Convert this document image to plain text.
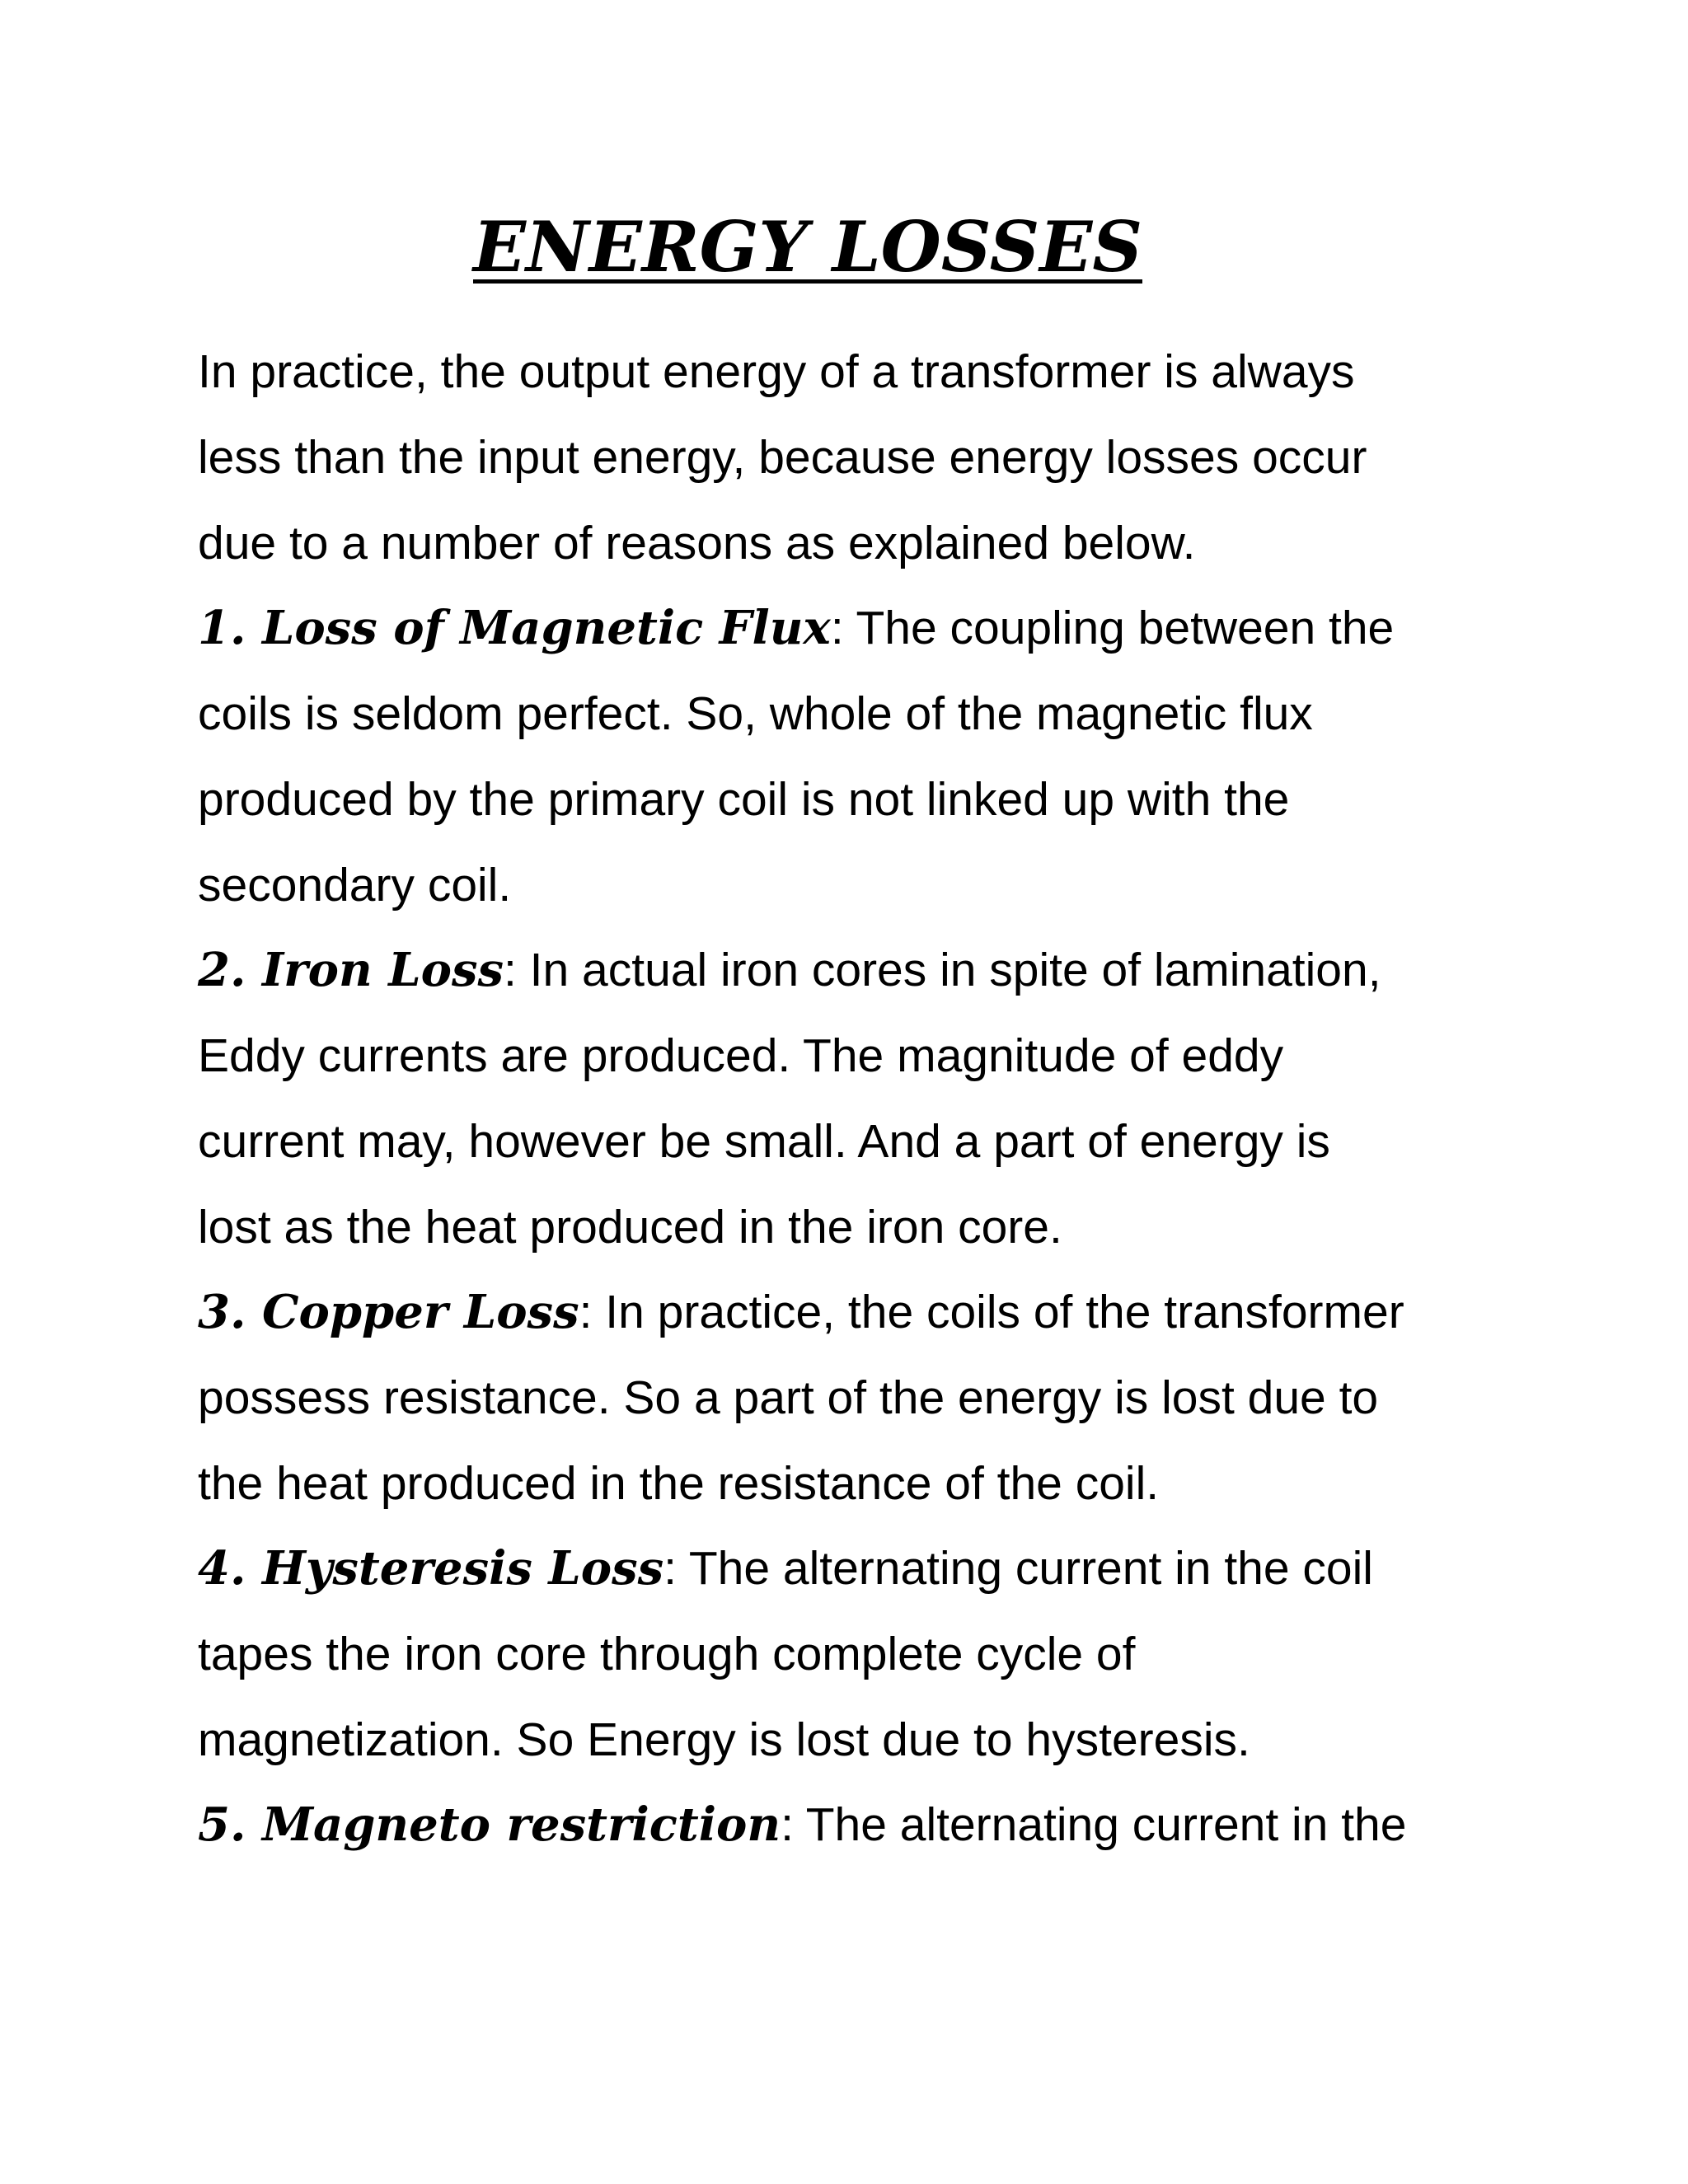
ENERGY LOSSES

In practice, the output energy of a transformer is always

less than the input energy, because energy losses occur

due to a number of reasons as explained below.

1. Loss of Magnetic Flux: The coupling between the

coils is seldom perfect. So, whole of the magnetic flux

produced by the primary coil is not linked up with the

secondary coil.

2. Iron Loss: In actual iron cores in spite of lamination,

Eddy currents are produced. The magnitude of eddy

current may, however be small. And a part of energy is

lost as the heat produced in the iron core.

3. Copper Loss: In practice, the coils of the transformer

possess resistance. So a part of the energy is lost due to

the heat produced in the resistance of the coil.

4. Hysteresis Loss: The alternating current in the coil

tapes the iron core through complete cycle of

magnetization. So Energy is lost due to hysteresis.

5. Magneto restriction: The alternating current in the
